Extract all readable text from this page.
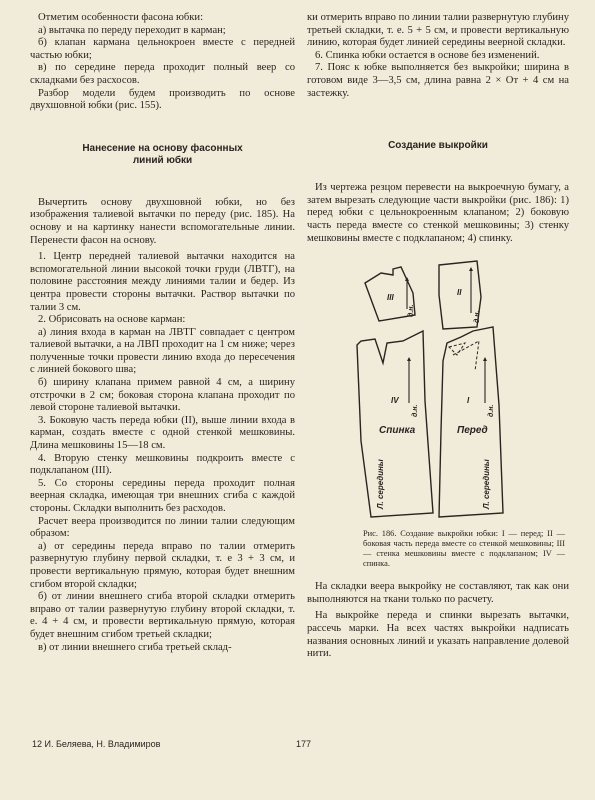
Отметим особенности фасона юбки:

а) вытачка по переду переходит в карман;

б) клапан кармана цельнокроен вместе с передней частью юбки;

в) по середине переда проходит полный веер со складками без расхосов.

Разбор модели будем производить по основе двухшовной юбки (рис. 155).

Нанесение на основу фасонных линий юбки

Вычертить основу двухшовной юбки, но без изображения талиевой вытачки по переду (рис. 185). На основу и на картинку нанести вспомогательные линии. Перенести фасон на основу.

1. Центр передней талиевой вытачки находится на вспомогательной линии высокой точки груди (ЛВТГ), на половине расстояния между линиями талии и бедер. Из центра провести стороны вытачки. Раствор вытачки по талии 3 см.

2. Обрисовать на основе карман:

а) линия входа в карман на ЛВТГ совпадает с центром талиевой вытачки, а на ЛВП проходит на 1 см ниже; через полученные точки провести линию входа до пересечения с линией бокового шва;

б) ширину клапана примем равной 4 см, а ширину отстрочки в 2 см; боковая сторона клапана проходит по левой стороне талиевой вытачки.

3. Боковую часть переда юбки (II), выше линии входа в карман, создать вместе с одной стенкой мешковины. Длина мешковины 15—18 см.

4. Вторую стенку мешковины подкроить вместе с подклапаном (III).

5. Со стороны середины переда проходит полная веерная складка, имеющая три внешних сгиба с каждой стороны. Складки выполнить без расходов.

Расчет веера производится по линии талии следующим образом:

а) от середины переда вправо по талии отмерить развернутую глубину первой складки, т. е 3 + 3 см, и провести вертикальную прямую, которая будет внешним сгибом второй складки;

б) от линии внешнего сгиба второй складки отмерить вправо от талии развернутую глубину второй складки, т. е. 4 + 4 см, и провести вертикальную прямую, которая будет внешним сгибом третьей складки;

в) от линии внешнего сгиба третьей склад-

ки отмерить вправо по линии талии развернутую глубину третьей складки, т. е. 5 + 5 см, и провести вертикальную линию, которая будет линией середины веерной складки.

6. Спинка юбки остается в основе без изменений.

7. Пояс к юбке выполняется без выкройки; ширина в готовом виде 3—3,5 см, длина равна 2 × От + 4 см на застежку.

Создание выкройки

Из чертежа резцом перевести на выкроечную бумагу, а затем вырезать следующие части выкройки (рис. 186): 1) перед юбки с цельнокроенным клапаном; 2) боковую часть переда вместе со стенкой мешковины; 3) стенку мешковины вместе с подклапаном; 4) спинку.

III
II
IV	I
Спинка	Перед
д.н.	д.н.
д.н.	д.н.
Л. середины	Л. середины

Рис. 186. Создание выкройки юбки: I — перед; II — боковая часть переда вместе со стенкой мешковины; III — стенка мешковины вместе с подклапаном; IV — спинка.

На складки веера выкройку не составляют, так как они выполняются на ткани только по расчету.

На выкройке переда и спинки вырезать вытачки, рассечь марки. На всех частях выкройки надписать названия основных линий и указать направление долевой нити.

12 И. Беляева, Н. Владимиров	177
